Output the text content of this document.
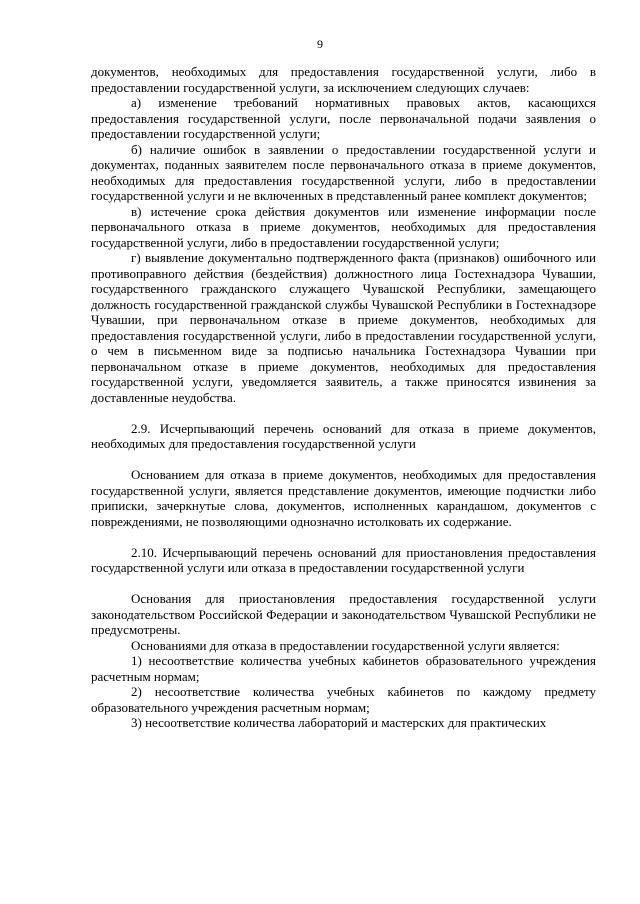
9

документов, необходимых для предоставления государственной услуги, либо в предоставлении государственной услуги, за исключением следующих случаев:

а) изменение требований нормативных правовых актов, касающихся предоставления государственной услуги, после первоначальной подачи заявления о предоставлении государственной услуги;

б) наличие ошибок в заявлении о предоставлении государственной услуги и документах, поданных заявителем после первоначального отказа в приеме документов, необходимых для предоставления государственной услуги, либо в предоставлении государственной услуги и не включенных в представленный ранее комплект документов;

в) истечение срока действия документов или изменение информации после первоначального отказа в приеме документов, необходимых для предоставления государственной услуги, либо в предоставлении государственной услуги;

г) выявление документально подтвержденного факта (признаков) ошибочного или противоправного действия (бездействия) должностного лица Гостехнадзора Чувашии, государственного гражданского служащего Чувашской Республики, замещающего должность государственной гражданской службы Чувашской Республики в Гостехнадзоре Чувашии, при первоначальном отказе в приеме документов, необходимых для предоставления государственной услуги, либо в предоставлении государственной услуги, о чем в письменном виде за подписью начальника Гостехнадзора Чувашии при первоначальном отказе в приеме документов, необходимых для предоставления государственной услуги, уведомляется заявитель, а также приносятся извинения за доставленные неудобства.

2.9. Исчерпывающий перечень оснований для отказа в приеме документов, необходимых для предоставления государственной услуги

Основанием для отказа в приеме документов, необходимых для предоставления государственной услуги, является представление документов, имеющие подчистки либо приписки, зачеркнутые слова, документов, исполненных карандашом, документов с повреждениями, не позволяющими однозначно истолковать их содержание.

2.10. Исчерпывающий перечень оснований для приостановления предоставления государственной услуги или отказа в предоставлении государственной услуги

Основания для приостановления предоставления государственной услуги законодательством Российской Федерации и законодательством Чувашской Республики не предусмотрены.

Основаниями для отказа в предоставлении государственной услуги является:

1) несоответствие количества учебных кабинетов образовательного учреждения расчетным нормам;

2) несоответствие количества учебных кабинетов по каждому предмету образовательного учреждения расчетным нормам;

3) несоответствие количества лабораторий и мастерских для практических
